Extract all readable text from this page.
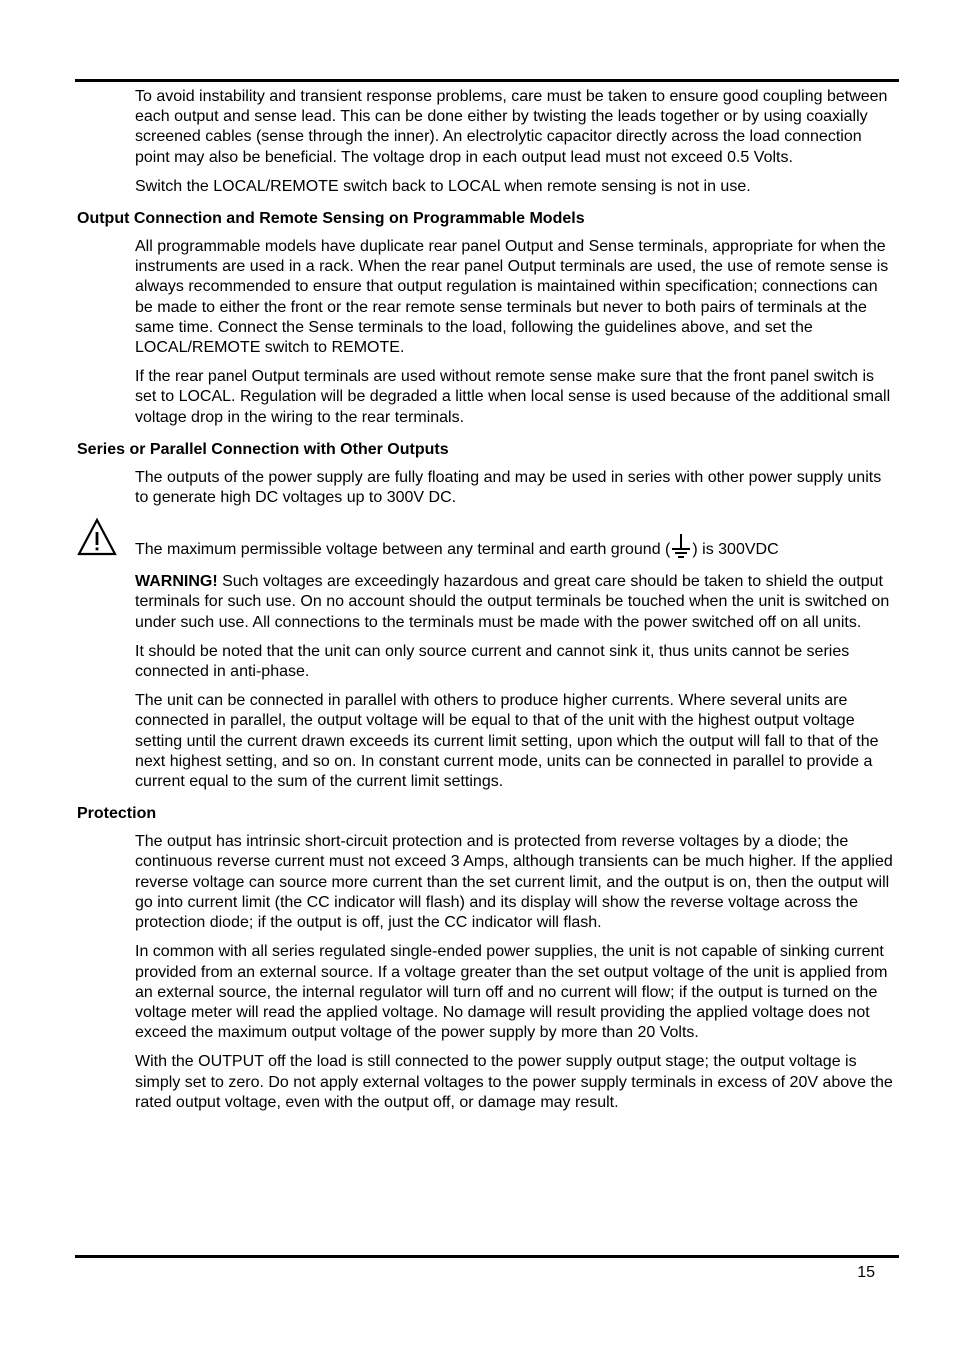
To avoid instability and transient response problems, care must be taken to ensure good coupling between each output and sense lead. This can be done either by twisting the leads together or by using coaxially screened cables (sense through the inner). An electrolytic capacitor directly across the load connection point may also be beneficial. The voltage drop in each output lead must not exceed 0.5 Volts.

Switch the LOCAL/REMOTE switch back to LOCAL when remote sensing is not in use.

Output Connection and Remote Sensing on Programmable Models

All programmable models have duplicate rear panel Output and Sense terminals, appropriate for when the instruments are used in a rack. When the rear panel Output terminals are used, the use of remote sense is always recommended to ensure that output regulation is maintained within specification; connections can be made to either the front or the rear remote sense terminals but never to both pairs of terminals at the same time. Connect the Sense terminals to the load, following the guidelines above, and set the LOCAL/REMOTE switch to REMOTE.

If the rear panel Output terminals are used without remote sense make sure that the front panel switch is set to LOCAL. Regulation will be degraded a little when local sense is used because of the additional small voltage drop in the wiring to the rear terminals.

Series or Parallel Connection with Other Outputs

The outputs of the power supply are fully floating and may be used in series with other power supply units to generate high DC voltages up to 300V DC.

The maximum permissible voltage between any terminal and earth ground ( ) is 300VDC

WARNING! Such voltages are exceedingly hazardous and great care should be taken to shield the output terminals for such use. On no account should the output terminals be touched when the unit is switched on under such use. All connections to the terminals must be made with the power switched off on all units.

It should be noted that the unit can only source current and cannot sink it, thus units cannot be series connected in anti-phase.

The unit can be connected in parallel with others to produce higher currents. Where several units are connected in parallel, the output voltage will be equal to that of the unit with the highest output voltage setting until the current drawn exceeds its current limit setting, upon which the output will fall to that of the next highest setting, and so on. In constant current mode, units can be connected in parallel to provide a current equal to the sum of the current limit settings.

Protection

The output has intrinsic short-circuit protection and is protected from reverse voltages by a diode; the continuous reverse current must not exceed 3 Amps, although transients can be much higher. If the applied reverse voltage can source more current than the set current limit, and the output is on, then the output will go into current limit (the CC indicator will flash) and its display will show the reverse voltage across the protection diode; if the output is off, just the CC indicator will flash.

In common with all series regulated single-ended power supplies, the unit is not capable of sinking current provided from an external source. If a voltage greater than the set output voltage of the unit is applied from an external source, the internal regulator will turn off and no current will flow; if the output is turned on the voltage meter will read the applied voltage. No damage will result providing the applied voltage does not exceed the maximum output voltage of the power supply by more than 20 Volts.

With the OUTPUT off the load is still connected to the power supply output stage; the output voltage is simply set to zero. Do not apply external voltages to the power supply terminals in excess of 20V above the rated output voltage, even with the output off, or damage may result.

15
